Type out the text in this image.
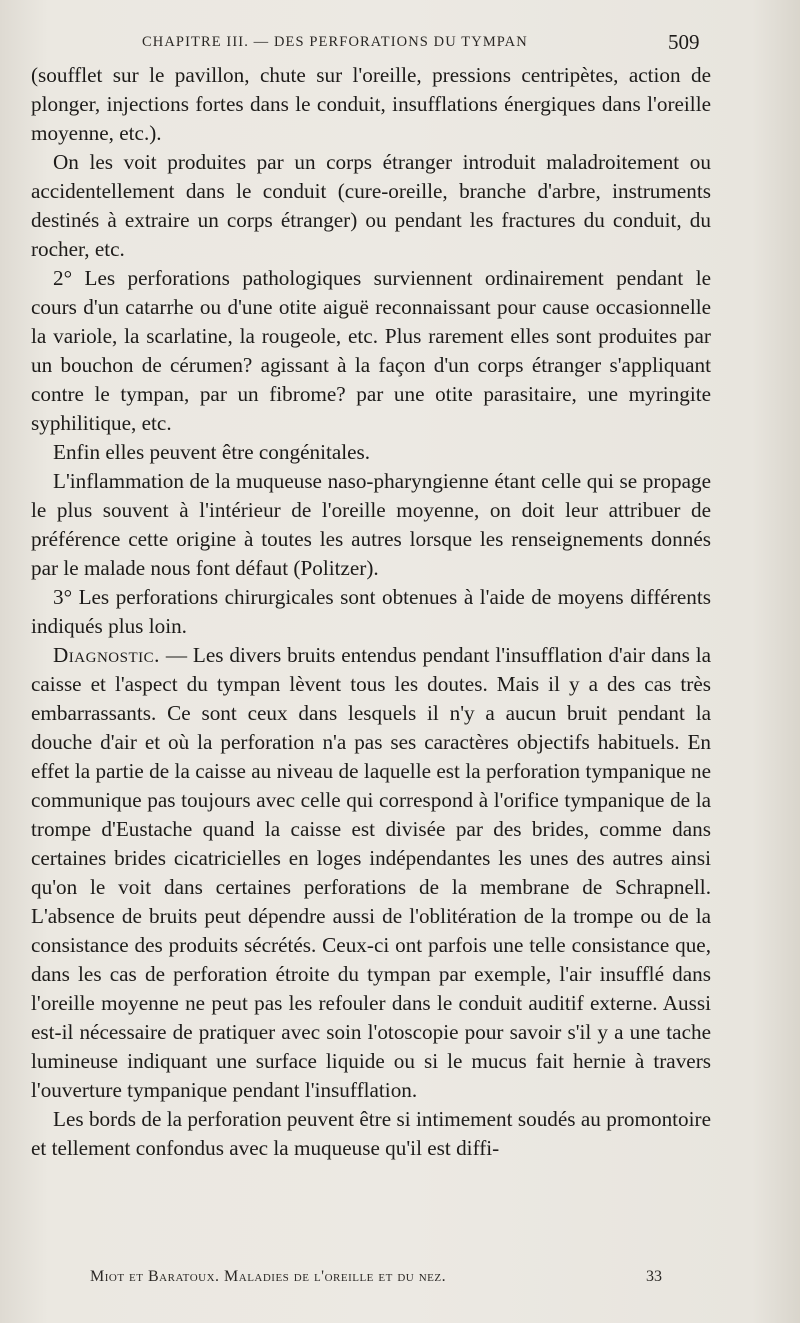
CHAPITRE III. — DES PERFORATIONS DU TYMPAN	509

(soufflet sur le pavillon, chute sur l'oreille, pressions centripètes, action de plonger, injections fortes dans le conduit, insufflations énergiques dans l'oreille moyenne, etc.).

On les voit produites par un corps étranger introduit maladroitement ou accidentellement dans le conduit (cure-oreille, branche d'arbre, instruments destinés à extraire un corps étranger) ou pendant les fractures du conduit, du rocher, etc.

2° Les perforations pathologiques surviennent ordinairement pendant le cours d'un catarrhe ou d'une otite aiguë reconnaissant pour cause occasionnelle la variole, la scarlatine, la rougeole, etc. Plus rarement elles sont produites par un bouchon de cérumen? agissant à la façon d'un corps étranger s'appliquant contre le tympan, par un fibrome? par une otite parasitaire, une myringite syphilitique, etc.

Enfin elles peuvent être congénitales.

L'inflammation de la muqueuse naso-pharyngienne étant celle qui se propage le plus souvent à l'intérieur de l'oreille moyenne, on doit leur attribuer de préférence cette origine à toutes les autres lorsque les renseignements donnés par le malade nous font défaut (Politzer).

3° Les perforations chirurgicales sont obtenues à l'aide de moyens différents indiqués plus loin.

Diagnostic. — Les divers bruits entendus pendant l'insufflation d'air dans la caisse et l'aspect du tympan lèvent tous les doutes. Mais il y a des cas très embarrassants. Ce sont ceux dans lesquels il n'y a aucun bruit pendant la douche d'air et où la perforation n'a pas ses caractères objectifs habituels. En effet la partie de la caisse au niveau de laquelle est la perforation tympanique ne communique pas toujours avec celle qui correspond à l'orifice tympanique de la trompe d'Eustache quand la caisse est divisée par des brides, comme dans certaines brides cicatricielles en loges indépendantes les unes des autres ainsi qu'on le voit dans certaines perforations de la membrane de Schrapnell. L'absence de bruits peut dépendre aussi de l'oblitération de la trompe ou de la consistance des produits sécrétés. Ceux-ci ont parfois une telle consistance que, dans les cas de perforation étroite du tympan par exemple, l'air insufflé dans l'oreille moyenne ne peut pas les refouler dans le conduit auditif externe. Aussi est-il nécessaire de pratiquer avec soin l'otoscopie pour savoir s'il y a une tache lumineuse indiquant une surface liquide ou si le mucus fait hernie à travers l'ouverture tympanique pendant l'insufflation.

Les bords de la perforation peuvent être si intimement soudés au promontoire et tellement confondus avec la muqueuse qu'il est diffi-

Miot et Baratoux. Maladies de l'oreille et du nez.	33
